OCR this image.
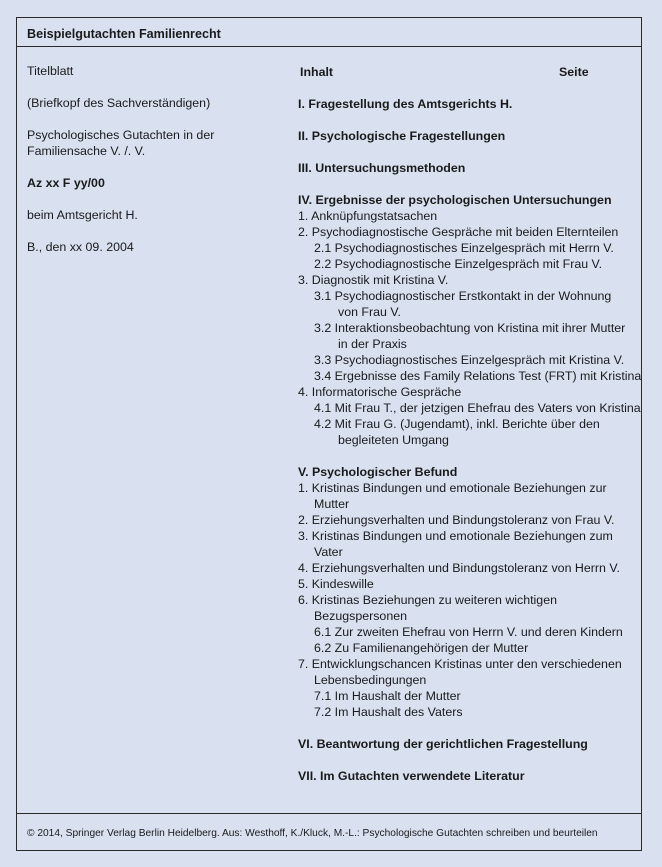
Beispielgutachten Familienrecht
Titelblatt
(Briefkopf des Sachverständigen)
Psychologisches Gutachten in der
Familiensache V. /. V.
Az xx F yy/00
beim Amtsgericht H.
B., den xx 09. 2004
Inhalt	Seite
I. Fragestellung des Amtsgerichts H.
II. Psychologische Fragestellungen
III. Untersuchungsmethoden
IV. Ergebnisse der psychologischen Untersuchungen
1. Anknüpfungstatsachen
2. Psychodiagnostische Gespräche mit beiden Elternteilen
2.1 Psychodiagnostisches Einzelgespräch mit Herrn V.
2.2 Psychodiagnostische Einzelgespräch mit Frau V.
3. Diagnostik mit Kristina V.
3.1 Psychodiagnostischer Erstkontakt in der Wohnung
von Frau V.
3.2 Interaktionsbeobachtung von Kristina mit ihrer Mutter
in der Praxis
3.3 Psychodiagnostisches Einzelgespräch mit Kristina V.
3.4 Ergebnisse des Family Relations Test (FRT) mit Kristina
4. Informatorische Gespräche
4.1 Mit Frau T., der jetzigen Ehefrau des Vaters von Kristina
4.2 Mit Frau G. (Jugendamt), inkl. Berichte über den
begleiteten Umgang
V. Psychologischer Befund
1. Kristinas Bindungen und emotionale Beziehungen zur
Mutter
2. Erziehungsverhalten und Bindungstoleranz von Frau V.
3. Kristinas Bindungen und emotionale Beziehungen zum
Vater
4. Erziehungsverhalten und Bindungstoleranz von Herrn V.
5. Kindeswille
6. Kristinas Beziehungen zu weiteren wichtigen
Bezugspersonen
6.1 Zur zweiten Ehefrau von Herrn V. und deren Kindern
6.2 Zu Familienangehörigen der Mutter
7. Entwicklungschancen Kristinas unter den verschiedenen
Lebensbedingungen
7.1 Im Haushalt der Mutter
7.2 Im Haushalt des Vaters
VI. Beantwortung der gerichtlichen Fragestellung
VII. Im Gutachten verwendete Literatur
© 2014, Springer Verlag Berlin Heidelberg. Aus: Westhoff, K./Kluck, M.-L.: Psychologische Gutachten schreiben und beurteilen
